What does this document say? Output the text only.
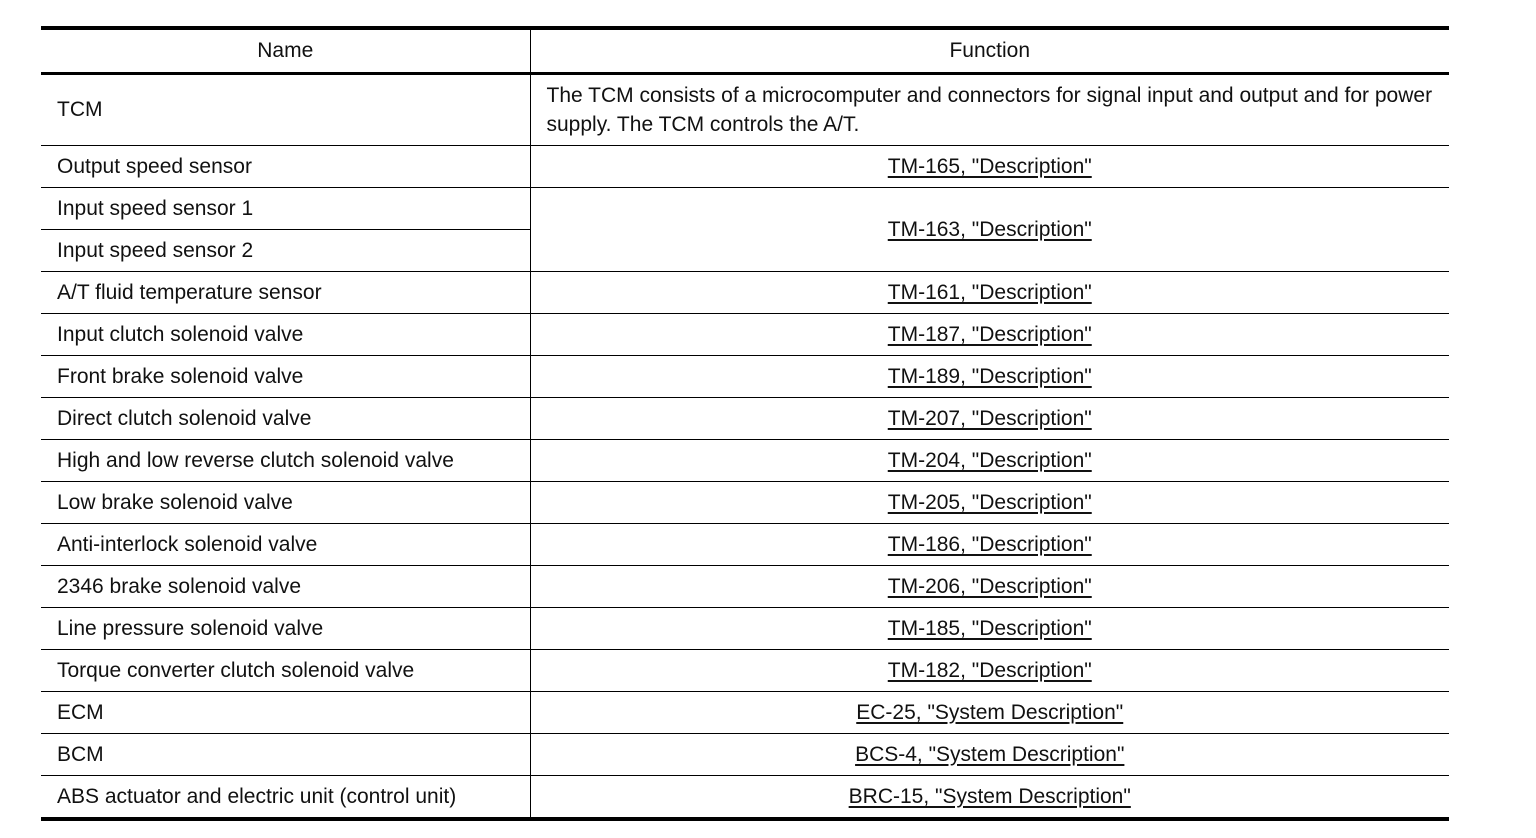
Name	Function
TCM	The TCM consists of a microcomputer and connectors for signal input and output and for power supply. The TCM controls the A/T.
Output speed sensor	TM-165, "Description"
Input speed sensor 1	TM-163, "Description"
Input speed sensor 2	
A/T fluid temperature sensor	TM-161, "Description"
Input clutch solenoid valve	TM-187, "Description"
Front brake solenoid valve	TM-189, "Description"
Direct clutch solenoid valve	TM-207, "Description"
High and low reverse clutch solenoid valve	TM-204, "Description"
Low brake solenoid valve	TM-205, "Description"
Anti-interlock solenoid valve	TM-186, "Description"
2346 brake solenoid valve	TM-206, "Description"
Line pressure solenoid valve	TM-185, "Description"
Torque converter clutch solenoid valve	TM-182, "Description"
ECM	EC-25, "System Description"
BCM	BCS-4, "System Description"
ABS actuator and electric unit (control unit)	BRC-15, "System Description"
